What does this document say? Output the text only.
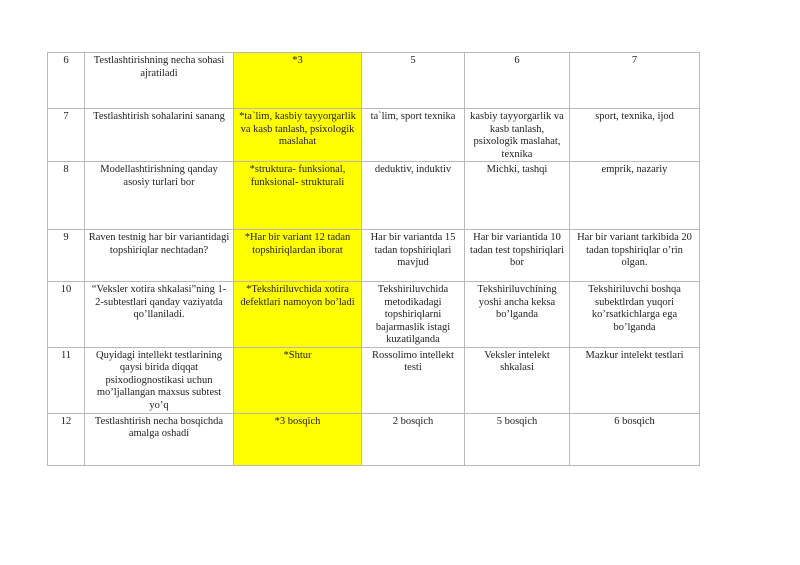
6	Testlashtirishning necha sohasi ajratiladi	*3	5	6	7
7	Testlashtirish sohalarini sanang	*ta`lim, kasbiy tayyorgarlik va kasb tanlash, psixologik maslahat	ta`lim, sport texnika	kasbiy tayyorgarlik va kasb tanlash, psixologik maslahat, texnika	sport, texnika, ijod
8	Modellashtirishning qanday asosiy turlari bor	*struktura- funksional, funksional- strukturali	deduktiv, induktiv	Michki, tashqi	emprik, nazariy
9	Raven testnig har bir variantidagi topshiriqlar nechtadan?	*Har bir variant 12 tadan topshiriqlardan iborat	Har bir variantda 15 tadan topshiriqlari mavjud	Har bir variantida 10 tadan test topshiriqlari bor	Har bir variant tarkibida 20 tadan topshiriqlar o’rin olgan.
10	“Veksler xotira shkalasi”ning 1-2-subtestlari qanday vaziyatda qo’llaniladi.	*Tekshiriluvchida xotira defektlari namoyon bo’ladi	Tekshiriluvchida metodikadagi topshiriqlarni bajarmaslik istagi kuzatilganda	Tekshiriluvchining yoshi ancha keksa bo’lganda	Tekshiriluvchi boshqa subektlrdan yuqori ko’rsatkichlarga ega bo’lganda
11	Quyidagi intellekt testlarining qaysi birida diqqat psixodiognostikasi uchun mo’ljallangan maxsus subtest yo’q	*Shtur	Rossolimo intellekt testi	Veksler intelekt shkalasi	Mazkur intelekt testlari
12	Testlashtirish necha bosqichda amalga oshadi	*3 bosqich	2 bosqich	5 bosqich	6 bosqich
